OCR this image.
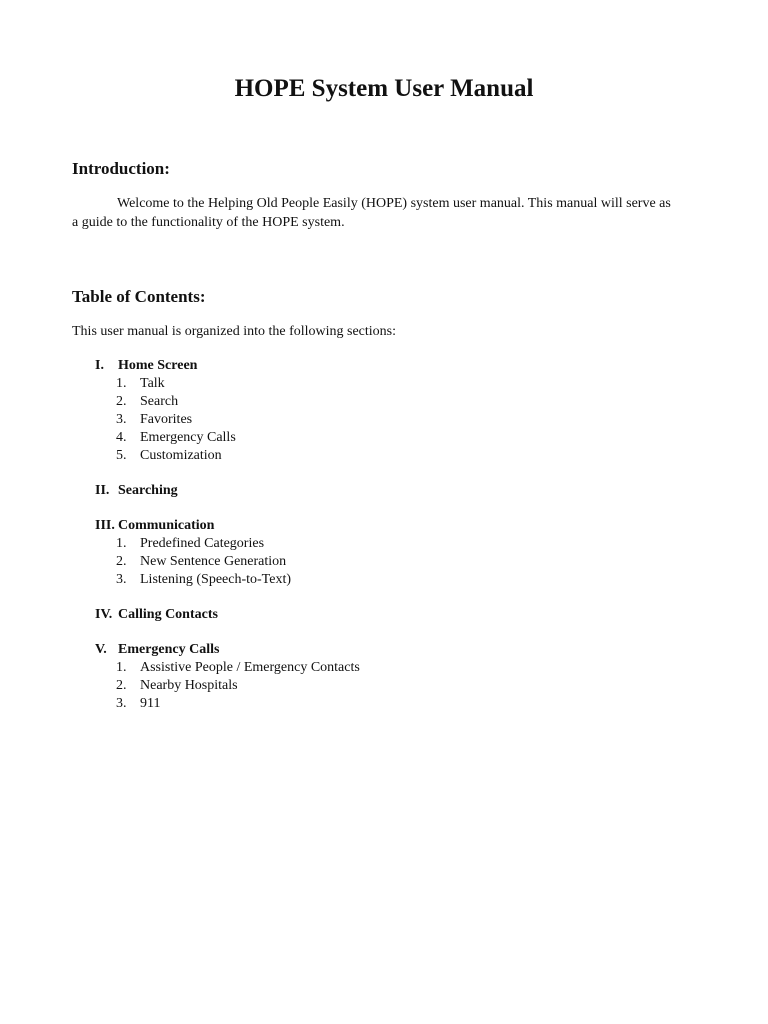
HOPE System User Manual
Introduction:
Welcome to the Helping Old People Easily (HOPE) system user manual. This manual will serve as a guide to the functionality of the HOPE system.
Table of Contents:
This user manual is organized into the following sections:
I.	Home Screen
1. Talk
2. Search
3. Favorites
4. Emergency Calls
5. Customization
II. Searching
III. Communication
1. Predefined Categories
2. New Sentence Generation
3. Listening (Speech-to-Text)
IV. Calling Contacts
V. Emergency Calls
1. Assistive People / Emergency Contacts
2. Nearby Hospitals
3. 911
